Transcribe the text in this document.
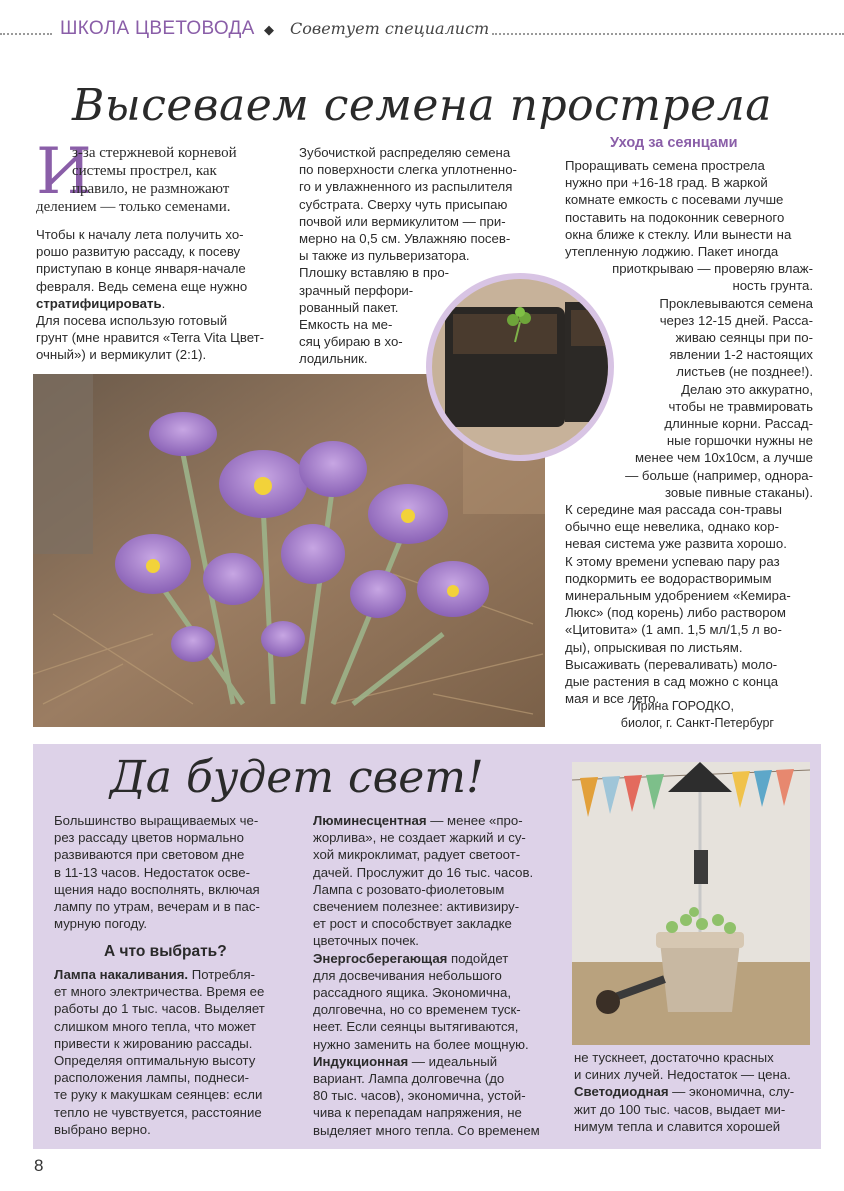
ШКОЛА ЦВЕТОВОДА ◆ Советует специалист
Высеваем семена прострела
И
з-за стержневой корневой
системы прострел, как
правило, не размножают
делением — только семенами.
Чтобы к началу лета получить хо-
рошо развитую рассаду, к посеву
приступаю в конце января-начале
февраля. Ведь семена еще нужно
стратифицировать.
Для посева использую готовый
грунт (мне нравится «Terra Vita Цвет-
очный») и вермикулит (2:1).
Зубочисткой распределяю семена
по поверхности слегка уплотненно-
го и увлажненного из распылителя
субстрата. Сверху чуть присыпаю
почвой или вермикулитом — при-
мерно на 0,5 см. Увлажняю посев-
ы также из пульверизатора.
Плошку вставляю в про-
зрачный перфори-
рованный пакет.
Емкость на ме-
сяц убираю в хо-
лодильник.
Уход за сеянцами
Проращивать семена прострела
нужно при +16-18 град. В жаркой
комнате емкость с посевами лучше
поставить на подоконник северного
окна ближе к стеклу. Или вынести на
утепленную лоджию. Пакет иногда
приоткрываю — проверяю влаж-
ность грунта.
Проклевываются семена
через 12-15 дней. Расса-
живаю сеянцы при по-
явлении 1-2 настоящих
листьев (не позднее!).
Делаю это аккуратно,
чтобы не травмировать
длинные корни. Рассад-
ные горшочки нужны не
менее чем 10х10см, а лучше
— больше (например, однора-
зовые пивные стаканы).
К середине мая рассада сон-травы
обычно еще невелика, однако кор-
невая система уже развита хорошо.
К этому времени успеваю пару раз
подкормить ее водорастворимым
минеральным удобрением «Кемира-
Люкс» (под корень) либо раствором
«Цитовита» (1 амп. 1,5 мл/1,5 л во-
ды), опрыскивая по листьям.
Высаживать (переваливать) моло-
дые растения в сад можно с конца
мая и все лето.
Ирина ГОРОДКО,
биолог, г. Санкт-Петербург
Да будет свет!
Большинство выращиваемых че-
рез рассаду цветов нормально
развиваются при световом дне
в 11-13 часов. Недостаток осве-
щения надо восполнять, включая
лампу по утрам, вечерам и в пас-
мурную погоду.
А что выбрать?
Лампа накаливания. Потребля-
ет много электричества. Время ее
работы до 1 тыс. часов. Выделяет
слишком много тепла, что может
привести к жированию рассады.
Определяя оптимальную высоту
расположения лампы, поднеси-
те руку к макушкам сеянцев: если
тепло не чувствуется, расстояние
выбрано верно.
Люминесцентная — менее «про-
жорлива», не создает жаркий и су-
хой микроклимат, радует светоот-
дачей. Прослужит до 16 тыс. часов.
Лампа с розовато-фиолетовым
свечением полезнее: активизиру-
ет рост и способствует закладке
цветочных почек.
Энергосберегающая подойдет
для досвечивания небольшого
рассадного ящика. Экономична,
долговечна, но со временем туск-
неет. Если сеянцы вытягиваются,
нужно заменить на более мощную.
Индукционная — идеальный
вариант. Лампа долговечна (до
80 тыс. часов), экономична, устой-
чива к перепадам напряжения, не
выделяет много тепла. Со временем
не тускнеет, достаточно красных
и синих лучей. Недостаток — цена.
Светодиодная — экономична, слу-
жит до 100 тыс. часов, выдает ми-
нимум тепла и славится хорошей
8
